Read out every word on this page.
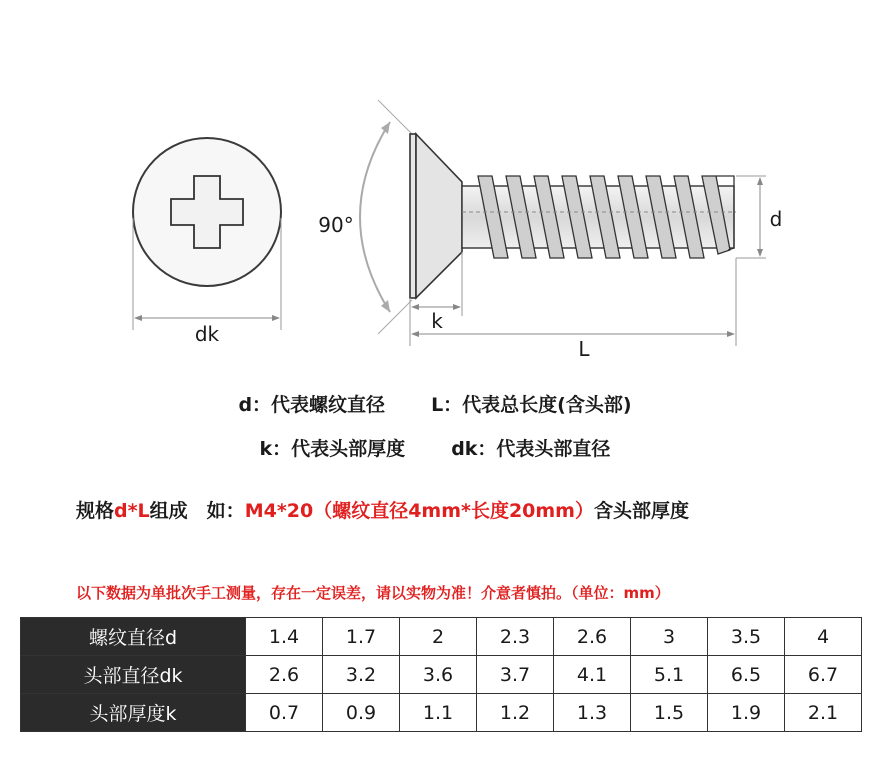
dk
90°	d
k
L
d：代表螺纹直径 L：代表总长度(含头部)
k：代表头部厚度 dk：代表头部直径
规格d*L组成　如：M4*20（螺纹直径4mm*长度20mm）含头部厚度
以下数据为单批次手工测量，存在一定误差，请以实物为准！介意者慎拍。（单位：mm）
螺纹直径d	1.4	1.7	2	2.3	2.6	3	3.5	4
头部直径dk	2.6	3.2	3.6	3.7	4.1	5.1	6.5	6.7
头部厚度k	0.7	0.9	1.1	1.2	1.3	1.5	1.9	2.1
